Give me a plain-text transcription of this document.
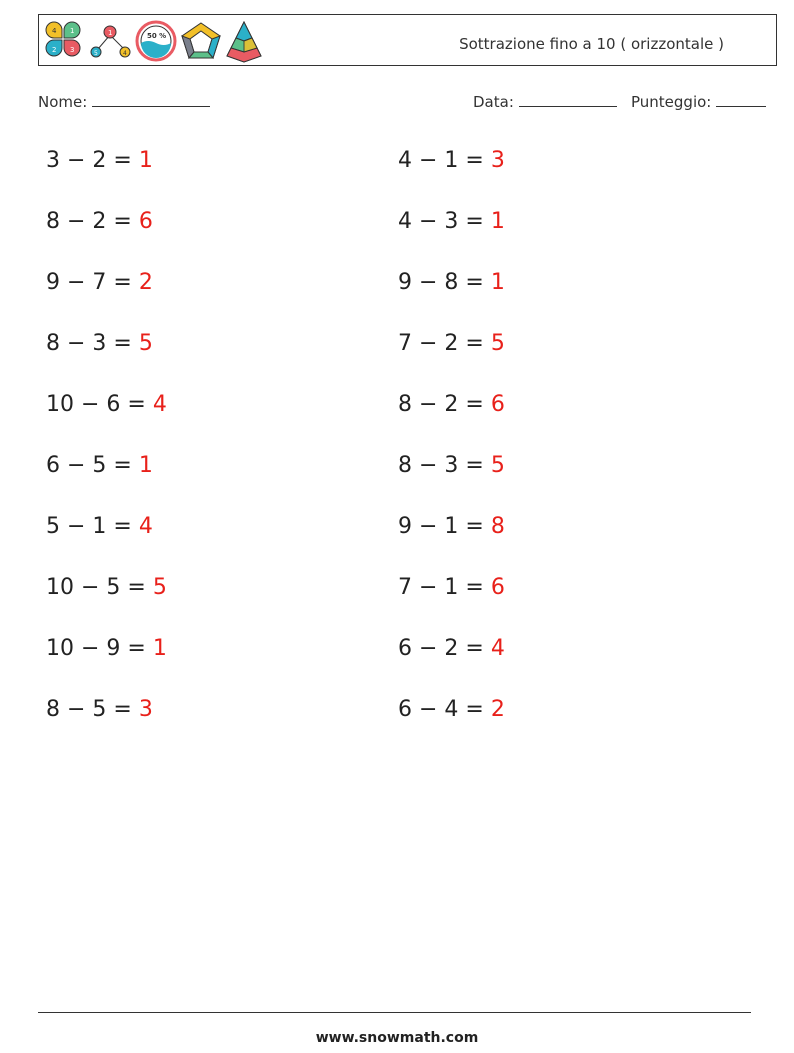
4 1
2 3
1
5	4
50 %	Sottrazione fino a 10 ( orizzontale )
Nome:	Data:	Punteggio:
3 − 2 = 1
8 − 2 = 6
9 − 7 = 2
8 − 3 = 5
10 − 6 = 4
6 − 5 = 1
5 − 1 = 4
10 − 5 = 5
10 − 9 = 1
8 − 5 = 3
4 − 1 = 3
4 − 3 = 1
9 − 8 = 1
7 − 2 = 5
8 − 2 = 6
8 − 3 = 5
9 − 1 = 8
7 − 1 = 6
6 − 2 = 4
6 − 4 = 2
www.snowmath.com
